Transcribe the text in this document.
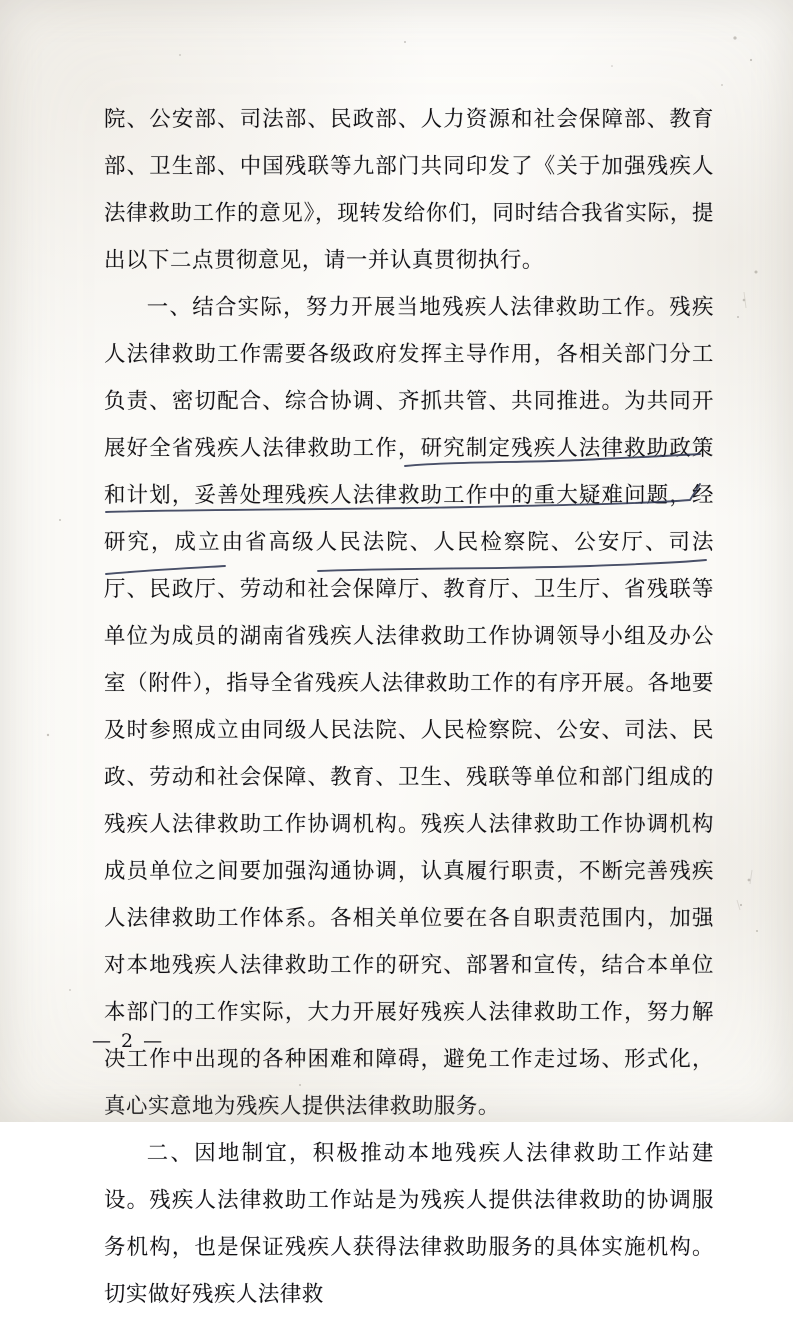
院、公安部、司法部、民政部、人力资源和社会保障部、教育部、卫生部、中国残联等九部门共同印发了《关于加强残疾人法律救助工作的意见》，现转发给你们，同时结合我省实际，提出以下二点贯彻意见，请一并认真贯彻执行。

一、结合实际，努力开展当地残疾人法律救助工作。残疾人法律救助工作需要各级政府发挥主导作用，各相关部门分工负责、密切配合、综合协调、齐抓共管、共同推进。为共同开展好全省残疾人法律救助工作，研究制定残疾人法律救助政策和计划，妥善处理残疾人法律救助工作中的重大疑难问题，经研究，成立由省高级人民法院、人民检察院、公安厅、司法厅、民政厅、劳动和社会保障厅、教育厅、卫生厅、省残联等单位为成员的湖南省残疾人法律救助工作协调领导小组及办公室（附件），指导全省残疾人法律救助工作的有序开展。各地要及时参照成立由同级人民法院、人民检察院、公安、司法、民政、劳动和社会保障、教育、卫生、残联等单位和部门组成的残疾人法律救助工作协调机构。残疾人法律救助工作协调机构成员单位之间要加强沟通协调，认真履行职责，不断完善残疾人法律救助工作体系。各相关单位要在各自职责范围内，加强对本地残疾人法律救助工作的研究、部署和宣传，结合本单位本部门的工作实际，大力开展好残疾人法律救助工作，努力解决工作中出现的各种困难和障碍，避免工作走过场、形式化，真心实意地为残疾人提供法律救助服务。

二、因地制宜，积极推动本地残疾人法律救助工作站建设。残疾人法律救助工作站是为残疾人提供法律救助的协调服务机构，也是保证残疾人获得法律救助服务的具体实施机构。切实做好残疾人法律救

— 2 —
